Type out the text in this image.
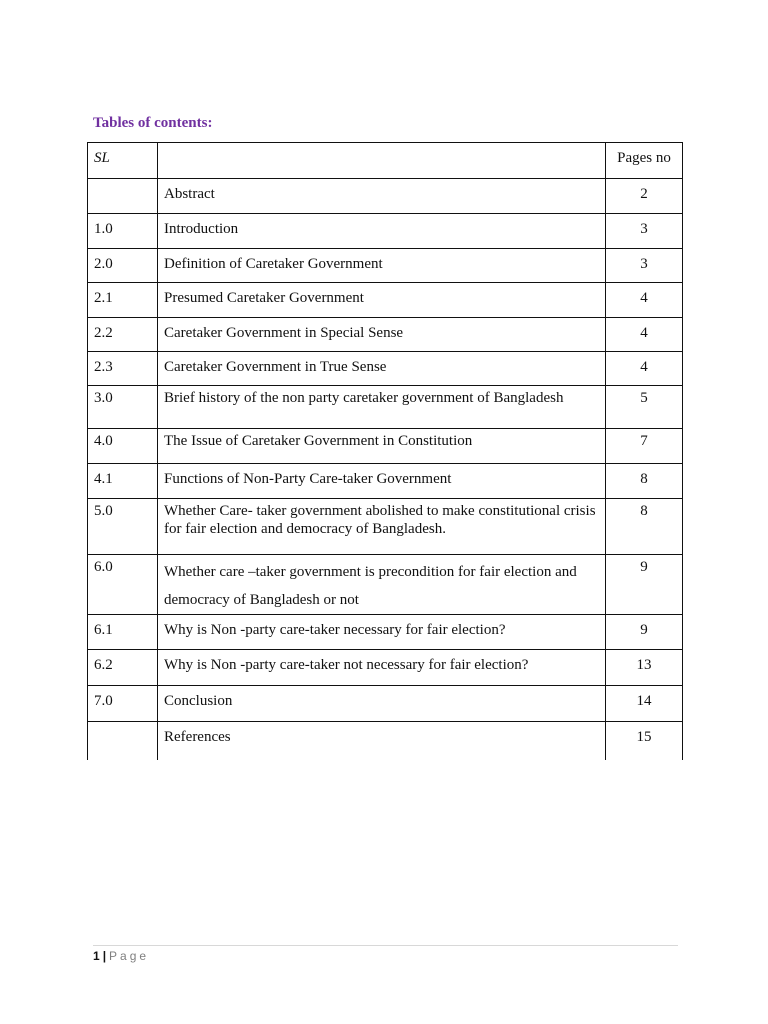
Tables of contents:
SL		Pages no
	Abstract	2
1.0	Introduction	3
2.0	Definition of Caretaker Government	3
2.1	Presumed Caretaker Government	4
2.2	Caretaker Government in Special Sense	4
2.3	Caretaker Government in True Sense	4
3.0	Brief history of the non party caretaker government of Bangladesh	5
4.0	The Issue of Caretaker Government in Constitution	7
4.1	Functions of Non-Party Care-taker Government	8
5.0	Whether Care- taker government abolished to make constitutional crisis for fair election and democracy of Bangladesh.	8
6.0	Whether care –taker government is precondition for fair election and democracy of Bangladesh or not	9
6.1	Why is Non -party care-taker necessary for fair election?	9
6.2	Why is Non -party care-taker not necessary for fair election?	13
7.0	Conclusion	14
	References	15
1 | Page
